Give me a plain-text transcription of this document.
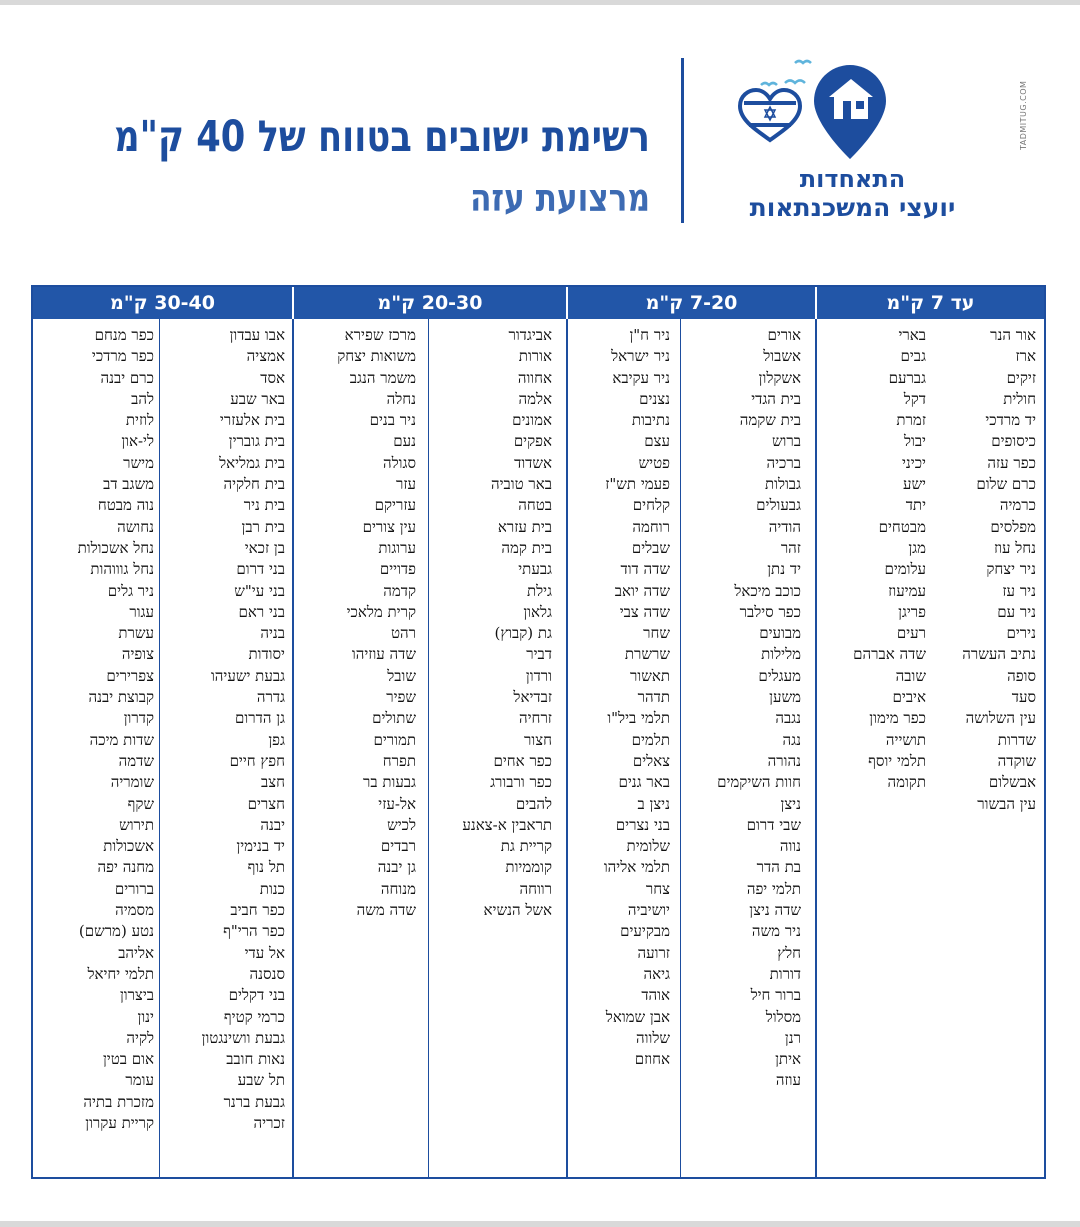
TADMITUG.COM
התאחדות
יועצי המשכנתאות
רשימת ישובים בטווח של 40 ק"מ
מרצועת עזה
עד 7 ק"מ
7-20 ק"מ
20-30 ק"מ
30-40 ק"מ
אור הנר
ארז
זיקים
חולית
יד מרדכי
כיסופים
כפר עזה
כרם שלום
כרמיה
מפלסים
נחל עוז
ניר יצחק
ניר עז
ניר עם
נירים
נתיב העשרה
סופה
סעד
עין השלושה
שדרות
שוקדה
אבשלום
עין הבשור
בארי
גבים
גברעם
דקל
זמרת
יבול
יכיני
ישע
יתד
מבטחים
מגן
עלומים
עמיעוז
פריגן
רעים
שדה אברהם
שובה
איבים
כפר מימון
תושייה
תלמי יוסף
תקומה
אורים
אשבול
אשקלון
בית הגדי
בית שקמה
ברוש
ברכיה
גבולות
גבעולים
הודיה
זהר
יד נתן
כוכב מיכאל
כפר סילבר
מבועים
מלילות
מעגלים
משען
נגבה
נגה
נהורה
חוות השיקמים
ניצן
שבי דרום
נווה
בת הדר
תלמי יפה
שדה ניצן
ניר משה
חלץ
דורות
ברור חיל
מסלול
רנן
איתן
עוזה
ניר ח"ן
ניר ישראל
ניר עקיבא
נצנים
נתיבות
עצם
פטיש
פעמי תש"ז
קלחים
רוחמה
שבלים
שדה דוד
שדה יואב
שדה צבי
שחר
שרשרת
תאשור
תדהר
תלמי ביל"ו
תלמים
צאלים
באר גנים
ניצן ב
בני נצרים
שלומית
תלמי אליהו
צחר
יושיביה
מבקיעים
זרועה
גיאה
אוהד
אבן שמואל
שלווה
אחוזם
אביגדור
אורות
אחווה
אלמה
אמונים
אפקים
אשדוד
באר טוביה
בטחה
בית עזרא
בית קמה
גבעתי
גילת
גלאון
גת (קבוץ)
דביר
ורדון
זבדיאל
זרחיה
חצור
כפר אחים
כפר ורבורג
להבים
תראבין א-צאנע
קריית גת
קוממיות
רווחה
אשל הנשיא
מרכז שפירא
משואות יצחק
משמר הנגב
נחלה
ניר בנים
נעם
סגולה
עזר
עזריקם
עין צורים
ערוגות
פדויים
קדמה
קרית מלאכי
רהט
שדה עוזיהו
שובל
שפיר
שתולים
תמורים
תפרח
גבעות בר
אל-עזי
לכיש
רבדים
גן יבנה
מנוחה
שדה משה
אבו עבדון
אמציה
אסד
באר שבע
בית אלעזרי
בית גוברין
בית גמליאל
בית חלקיה
בית ניר
בית רבן
בן זכאי
בני דרום
בני עי"ש
בני ראם
בניה
יסודות
גבעת ישעיהו
גדרה
גן הדרום
גפן
חפץ חיים
חצב
חצרים
יבנה
יד בנימין
תל נוף
כנות
כפר חביב
כפר הרי"ף
אל עדי
סנסנה
בני דקלים
כרמי קטיף
גבעת וושינגטון
נאות חובב
תל שבע
גבעת ברנר
זכריה
כפר מנחם
כפר מרדכי
כרם יבנה
להב
לוזית
לי-און
מישר
משגב דב
נוה מבטח
נחושה
נחל אשכולות
נחל גוווהות
ניר גלים
עגור
עשרת
צופיה
צפרירים
קבוצת יבנה
קדרון
שדות מיכה
שדמה
שומריה
שקף
תירוש
אשכולות
מחנה יפה
ברורים
מסמיה
נטע (מרשם)
אליהב
תלמי יחיאל
ביצרון
ינון
לקיה
אום בטין
עומר
מזכרת בתיה
קריית עקרון
